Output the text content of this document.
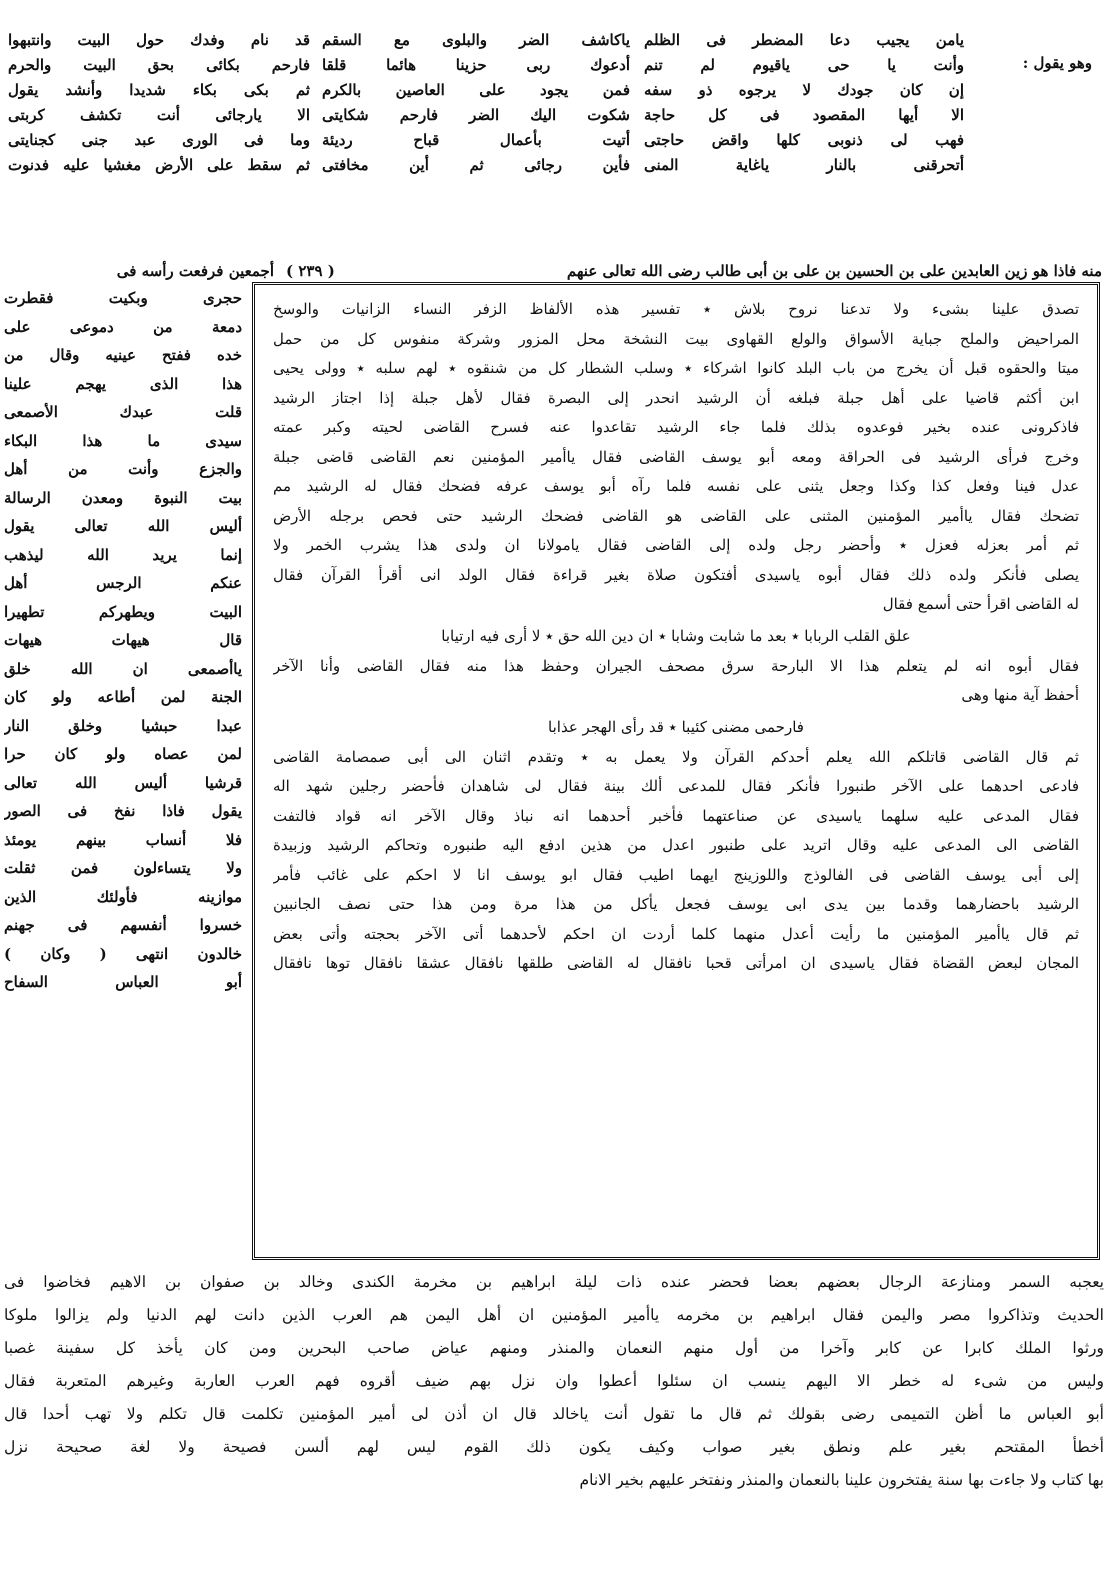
وهو يقول :
يامن يجيب دعا المضطر فى الظلم
وأنت يا حى ياقيوم لم تنم
إن كان جودك لا يرجوه ذو سفه
الا أيها المقصود فى كل حاجة
فهب لى ذنوبى كلها واقض حاجتى
أتحرقنى بالنار ياغاية المنى
ياكاشف الضر والبلوى مع السقم
أدعوك ربى حزينا هائما قلقا
فمن يجود على العاصين بالكرم
شكوت اليك الضر فارحم شكايتى
أتيت بأعمال قباح رديئة
فأين رجائى ثم أين مخافتى
قد نام وفدك حول البيت وانتبهوا
فارحم بكائى بحق البيت والحرم
ثم بكى بكاء شديدا وأنشد يقول
الا يارجائى أنت تكشف كربتى
وما فى الورى عبد جنى كجنايتى
ثم سقط على الأرض مغشيا عليه فدنوت
منه فاذا هو زين العابدين على بن الحسين بن على بن أبى طالب رضى الله تعالى عنهم
( ٢٣٩ )
أجمعين فرفعت رأسه فى
حجرى وبكيت فقطرت
دمعة من دموعى على
خده ففتح عينيه وقال من
هذا الذى يهجم علينا
قلت عبدك الأصمعى
سيدى ما هذا البكاء
والجزع وأنت من أهل
بيت النبوة ومعدن الرسالة
أليس الله تعالى يقول
إنما يريد الله ليذهب
عنكم الرجس أهل
البيت ويطهركم تطهيرا
قال هيهات هيهات
ياأصمعى ان الله خلق
الجنة لمن أطاعه ولو كان
عبدا حبشيا وخلق النار
لمن عصاه ولو كان حرا
قرشيا أليس الله تعالى
يقول فاذا نفخ فى الصور
فلا أنساب بينهم يومئذ
ولا يتساءلون فمن ثقلت
موازينه فأولئك الذين
خسروا أنفسهم فى جهنم
خالدون انتهى ( وكان )
أبو العباس السفاح
تصدق علينا بشىء ولا تدعنا نروح بلاش ٭ تفسير هذه الألفاظ الزفر النساء الزانيات والوسخ
المراحيض والملح جباية الأسواق والولع القهاوى بيت النشخة محل المزور وشركة منفوس كل من حمل
ميتا والحقوه قبل أن يخرج من باب البلد كانوا اشركاء ٭ وسلب الشطار كل من شنقوه ٭ لهم سلبه ٭ وولى يحيى
ابن أكثم قاضيا على أهل جبلة فبلغه أن الرشيد انحدر إلى البصرة فقال لأهل جبلة إذا اجتاز الرشيد
فاذكرونى عنده بخير فوعدوه بذلك فلما جاء الرشيد تقاعدوا عنه فسرح القاضى لحيته وكبر عمته
وخرج فرأى الرشيد فى الحراقة ومعه أبو يوسف القاضى فقال ياأمير المؤمنين نعم القاضى قاضى جبلة
عدل فينا وفعل كذا وكذا وجعل يثنى على نفسه فلما رآه أبو يوسف عرفه فضحك فقال له الرشيد مم
تضحك فقال ياأمير المؤمنين المثنى على القاضى هو القاضى فضحك الرشيد حتى فحص برجله الأرض
ثم أمر بعزله فعزل ٭ وأحضر رجل ولده إلى القاضى فقال يامولانا ان ولدى هذا يشرب الخمر ولا
يصلى فأنكر ولده ذلك فقال أبوه ياسيدى أفتكون صلاة بغير قراءة فقال الولد انى أقرأ القرآن فقال
له القاضى اقرأ حتى أسمع فقال
علق القلب الربابا ٭ بعد ما شابت وشابا ٭ ان دين الله حق ٭ لا أرى فيه ارتيابا
فقال أبوه انه لم يتعلم هذا الا البارحة سرق مصحف الجيران وحفظ هذا منه فقال القاضى وأنا الآخر
أحفظ آية منها وهى
فارحمى مضنى كئيبا ٭ قد رأى الهجر عذابا
ثم قال القاضى قاتلكم الله يعلم أحدكم القرآن ولا يعمل به ٭ وتقدم اثنان الى أبى صمصامة القاضى
فادعى احدهما على الآخر طنبورا فأنكر فقال للمدعى ألك بينة فقال لى شاهدان فأحضر رجلين شهد اله
فقال المدعى عليه سلهما ياسيدى عن صناعتهما فأخبر أحدهما انه نباذ وقال الآخر انه قواد فالتفت
القاضى الى المدعى عليه وقال اتريد على طنبور اعدل من هذين ادفع اليه طنبوره وتحاكم الرشيد وزبيدة
إلى أبى يوسف القاضى فى الفالوذج واللوزينج ايهما اطيب فقال ابو يوسف انا لا احكم على غائب فأمر
الرشيد باحضارهما وقدما بين يدى ابى يوسف فجعل يأكل من هذا مرة ومن هذا حتى نصف الجانبين
ثم قال ياأمير المؤمنين ما رأيت أعدل منهما كلما أردت ان احكم لأحدهما أتى الآخر بحجته وأتى بعض
المجان لبعض القضاة فقال ياسيدى ان امرأتى قحبا نافقال له القاضى طلقها نافقال عشقا نافقال توها نافقال
يعجبه السمر ومنازعة الرجال بعضهم بعضا فحضر عنده ذات ليلة ابراهيم بن مخرمة الكندى وخالد بن صفوان بن الاهيم فخاضوا فى
الحديث وتذاكروا مصر واليمن فقال ابراهيم بن مخرمه ياأمير المؤمنين ان أهل اليمن هم العرب الذين دانت لهم الدنيا ولم يزالوا ملوكا
ورثوا الملك كابرا عن كابر وآخرا من أول منهم النعمان والمنذر ومنهم عياض صاحب البحرين ومن كان يأخذ كل سفينة غصبا
وليس من شىء له خطر الا اليهم ينسب ان سئلوا أعطوا وان نزل بهم ضيف أقروه فهم العرب العاربة وغيرهم المتعربة فقال
أبو العباس ما أظن التميمى رضى بقولك ثم قال ما تقول أنت ياخالد قال ان أذن لى أمير المؤمنين تكلمت قال تكلم ولا تهب أحدا قال
أخطأ المقتحم بغير علم ونطق بغير صواب وكيف يكون ذلك القوم ليس لهم ألسن فصيحة ولا لغة صحيحة نزل
بها كتاب ولا جاءت بها سنة يفتخرون علينا بالنعمان والمنذر ونفتخر عليهم بخير الانام
